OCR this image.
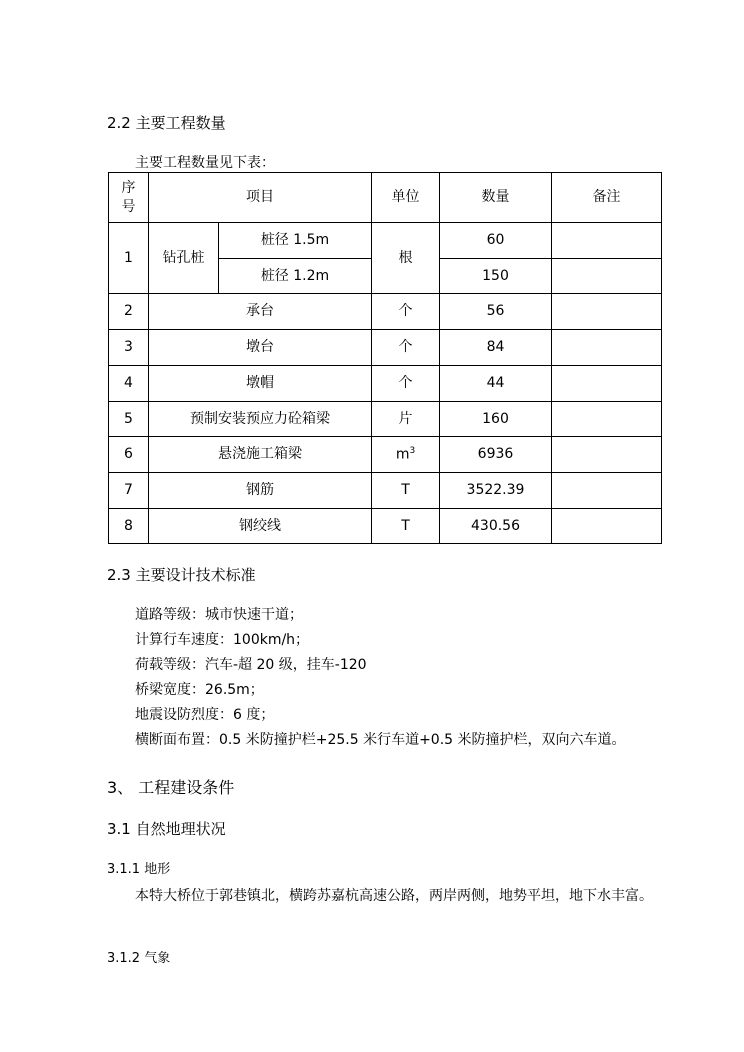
2.2 主要工程数量
主要工程数量见下表：
序
号	项目		单位	数量	备注
1	钻孔桩	桩径 1.5m	根	60	
		桩径 1.2m		150	
2	承台		个	56	
3	墩台		个	84	
4	墩帽		个	44	
5	预制安装预应力砼箱梁		片	160	
6	悬浇施工箱梁		$m^3$	6936	
7	钢筋		T	3522.39	
8	钢绞线		T	430.56	
2.3 主要设计技术标准
道路等级：城市快速干道；
计算行车速度：100km/h；
荷载等级：汽车-超 20 级，挂车-120
桥梁宽度：26.5m；
地震设防烈度：6 度；
横断面布置：0.5 米防撞护栏+25.5 米行车道+0.5 米防撞护栏，双向六车道。
3、 工程建设条件
3.1 自然地理状况
3.1.1 地形
本特大桥位于郭巷镇北，横跨苏嘉杭高速公路，两岸两侧，地势平坦，地下水丰富。
3.1.2 气象
